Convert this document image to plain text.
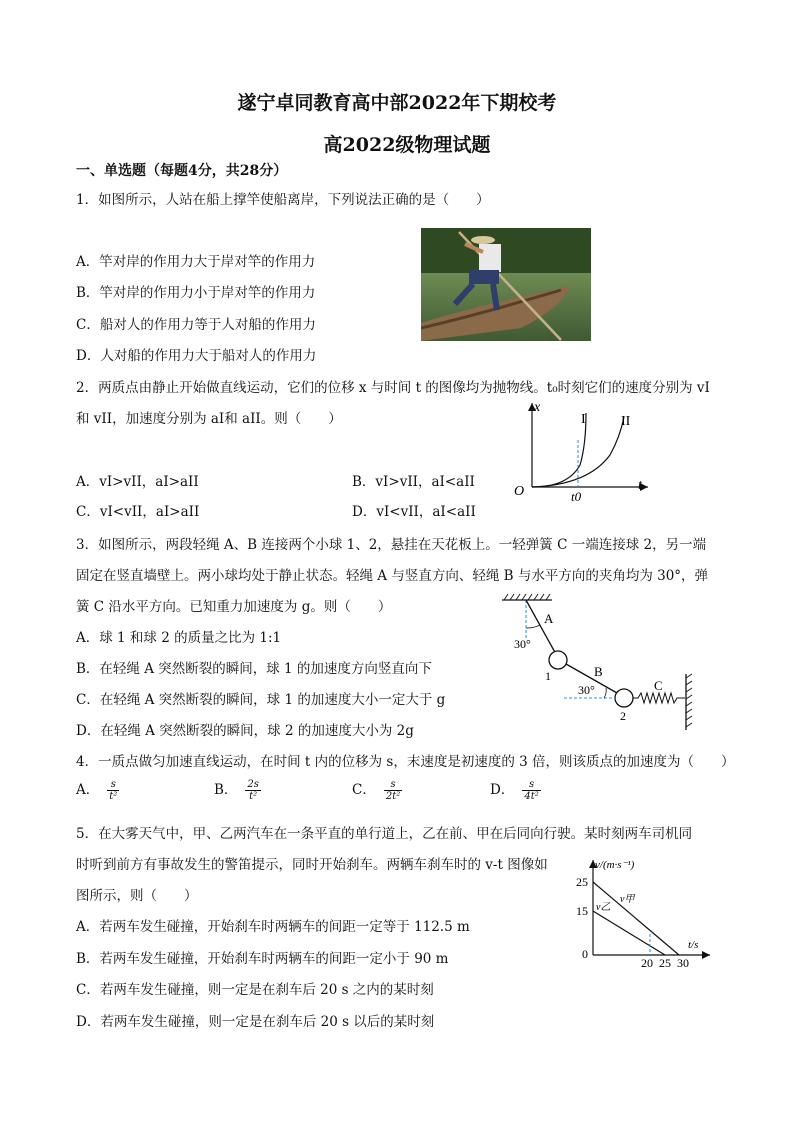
遂宁卓同教育高中部2022年下期校考
高2022级物理试题
一、单选题（每题4分，共28分）
1．如图所示，人站在船上撑竿使船离岸，下列说法正确的是（　　）
A．竿对岸的作用力大于岸对竿的作用力
B．竿对岸的作用力小于岸对竿的作用力
C．船对人的作用力等于人对船的作用力
D．人对船的作用力大于船对人的作用力
2．两质点由静止开始做直线运动，它们的位移 x 与时间 t 的图像均为抛物线。t₀时刻它们的速度分别为 vI
和 vII，加速度分别为 aI和 aII。则（　　）
A．vI>vII，aI>aII	B．vI>vII，aI<aII
C．vI<vII，aI>aII	D．vI<vII，aI<aII
x
t
O	t0
I	II
3．如图所示，两段轻绳 A、B 连接两个小球 1、2，悬挂在天花板上。一轻弹簧 C 一端连接球 2，另一端
固定在竖直墙壁上。两小球均处于静止状态。轻绳 A 与竖直方向、轻绳 B 与水平方向的夹角均为 30°，弹
簧 C 沿水平方向。已知重力加速度为 g。则（　　）
A．球 1 和球 2 的质量之比为 1:1
B．在轻绳 A 突然断裂的瞬间，球 1 的加速度方向竖直向下
C．在轻绳 A 突然断裂的瞬间，球 1 的加速度大小一定大于 g
D．在轻绳 A 突然断裂的瞬间，球 2 的加速度大小为 2g
A
B
C
30°
30°
1
2
4．一质点做匀加速直线运动，在时间 t 内的位移为 s，末速度是初速度的 3 倍，则该质点的加速度为（　　）
A． $\frac{s}{\text{t²}}$	B． $\frac{2s}{\text{t²}}$	C． $\frac{s}{\text{2t²}}$	D． $\frac{s}{\text{4t²}}$
5．在大雾天气中，甲、乙两汽车在一条平直的单行道上，乙在前、甲在后同向行驶。某时刻两车司机同
时听到前方有事故发生的警笛提示，同时开始刹车。两辆车刹车时的 v-t 图像如
图所示，则（　　）
A．若两车发生碰撞，开始刹车时两辆车的间距一定等于 112.5 m
B．若两车发生碰撞，开始刹车时两辆车的间距一定小于 90 m
C．若两车发生碰撞，则一定是在刹车后 20 s 之内的某时刻
D．若两车发生碰撞，则一定是在刹车后 20 s 以后的某时刻
v/(m·s⁻¹)
t/s
25
15
0
20 25 30
v甲
v乙
